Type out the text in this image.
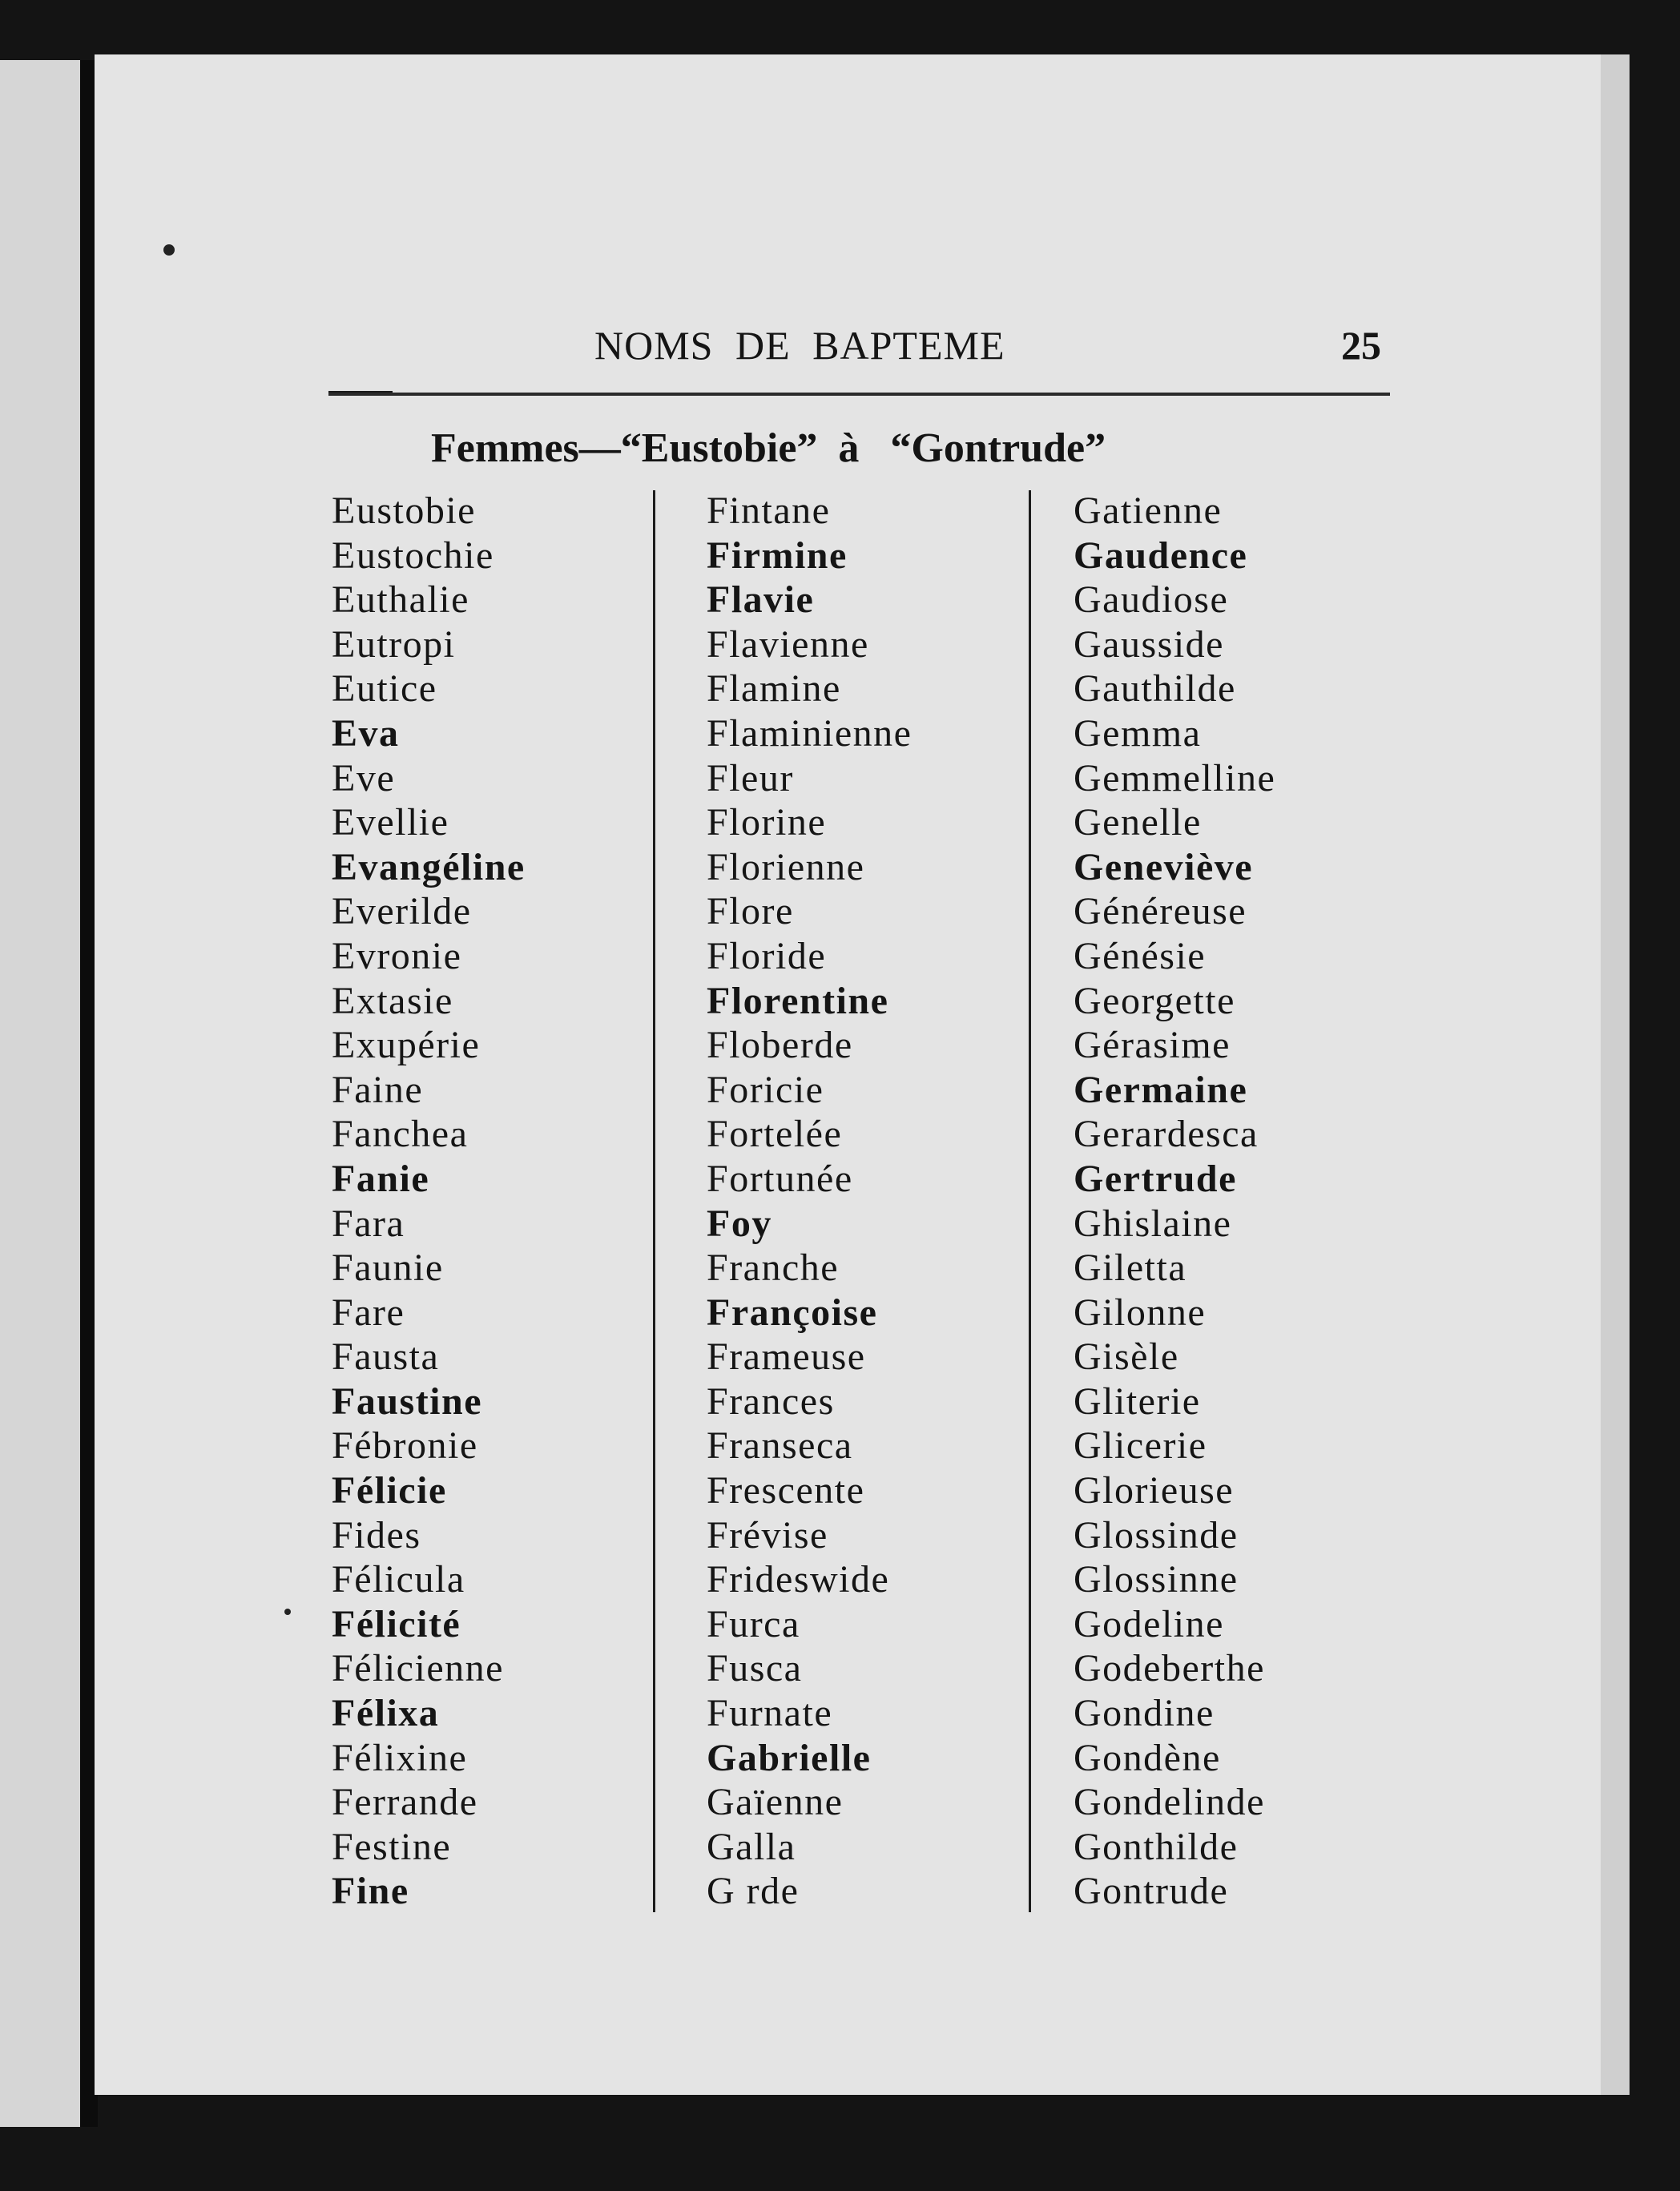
NOMS DE BAPTEME	25
Femmes—“Eustobie”  à   “Gontrude”
Eustobie
Eustochie
Euthalie
Eutropi
Eutice
Eva
Eve
Evellie
Evangéline
Everilde
Evronie
Extasie
Exupérie
Faine
Fanchea
Fanie
Fara
Faunie
Fare
Fausta
Faustine
Fébronie
Félicie
Fides
Félicula
Félicité
Félicienne
Félixa
Félixine
Ferrande
Festine
Fine
Fintane
Firmine
Flavie
Flavienne
Flamine
Flaminienne
Fleur
Florine
Florienne
Flore
Floride
Florentine
Floberde
Foricie
Fortelée
Fortunée
Foy
Franche
Françoise
Frameuse
Frances
Franseca
Frescente
Frévise
Frideswide
Furca
Fusca
Furnate
Gabrielle
Gaïenne
Galla
G rde
Gatienne
Gaudence
Gaudiose
Gausside
Gauthilde
Gemma
Gemmelline
Genelle
Geneviève
Généreuse
Génésie
Georgette
Gérasime
Germaine
Gerardesca
Gertrude
Ghislaine
Giletta
Gilonne
Gisèle
Gliterie
Glicerie
Glorieuse
Glossinde
Glossinne
Godeline
Godeberthe
Gondine
Gondène
Gondelinde
Gonthilde
Gontrude
